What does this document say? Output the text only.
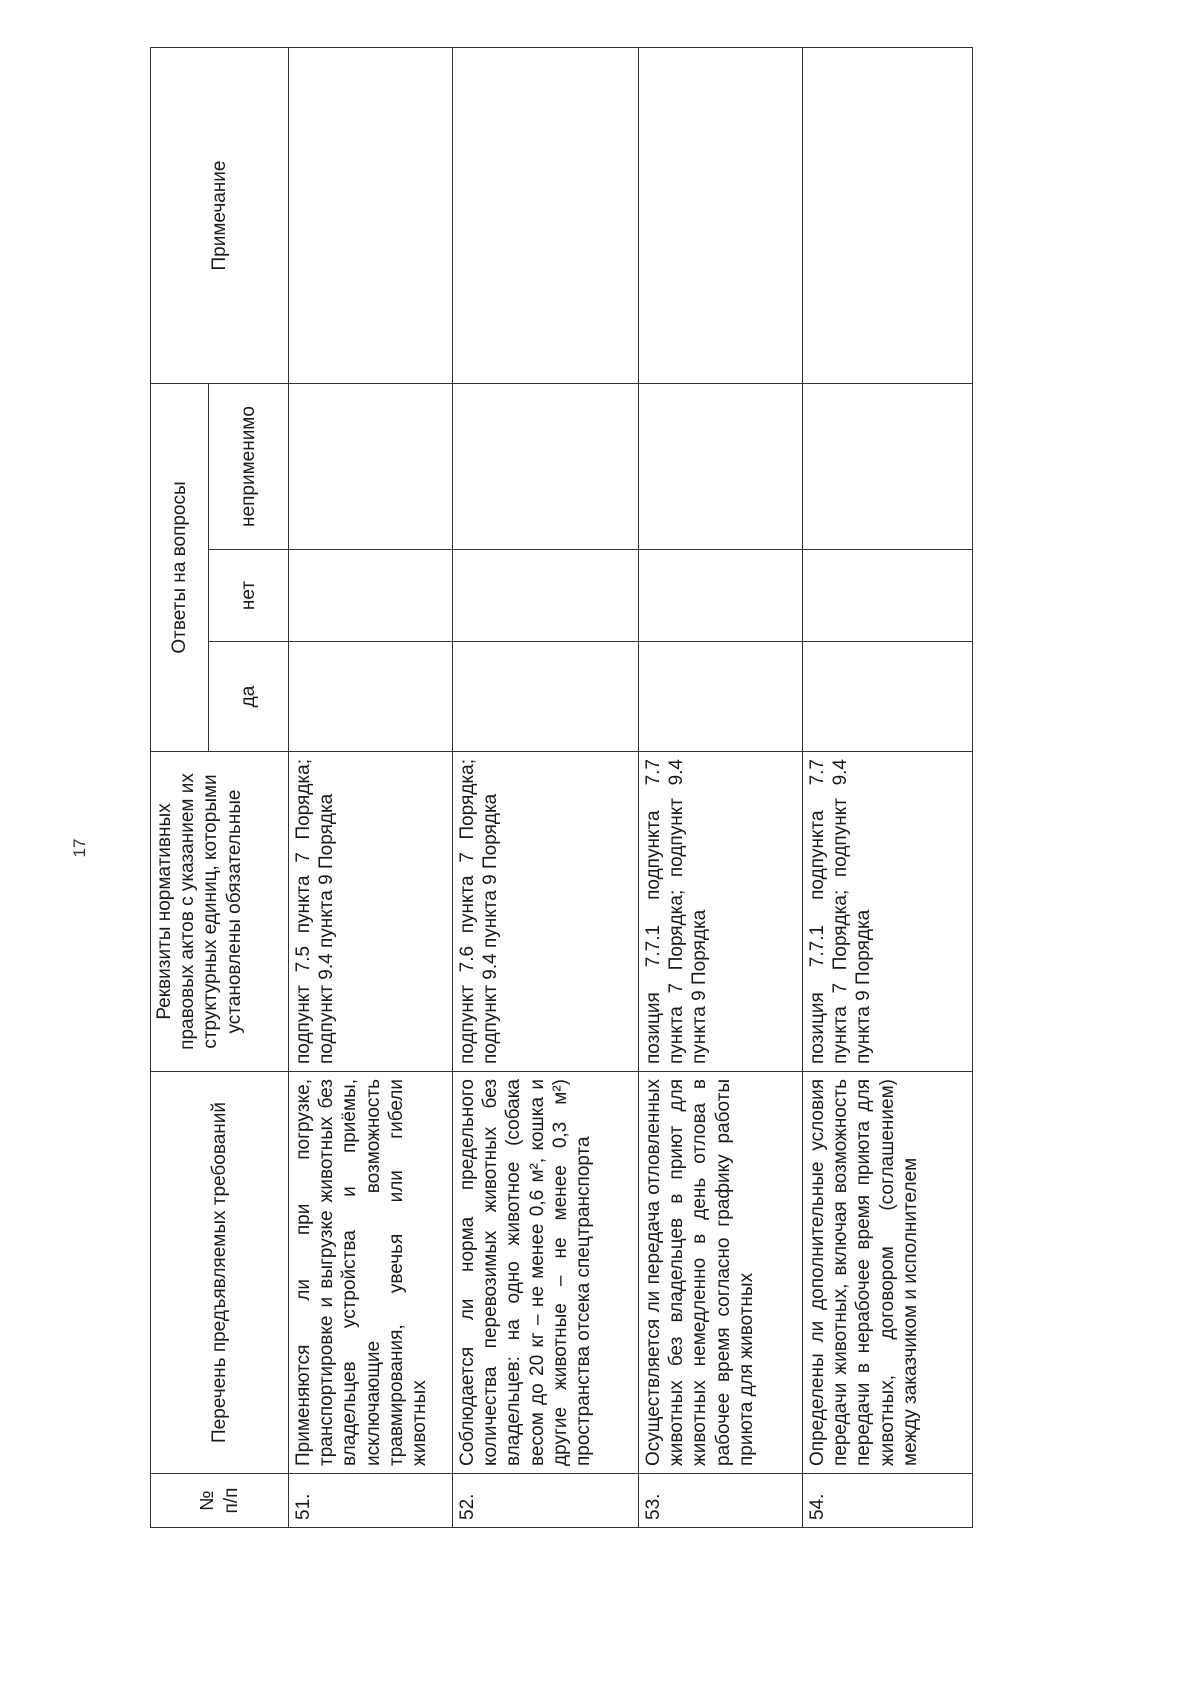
17
№ п/п	Перечень предъявляемых требований	Реквизиты нормативных правовых актов с указанием их структурных единиц, которыми установлены обязательные	Ответы на вопросы			Примечание
			да	нет	неприменимо	
51.	Применяются ли при погрузке, транспортировке и выгрузке животных без владельцев устройства и приёмы, исключающие возможность травмирования, увечья или гибели животных	подпункт 7.5 пункта 7 Порядка; подпункт 9.4 пункта 9 Порядка				
52.	Соблюдается ли норма предельного количества перевозимых животных без владельцев: на одно животное (собака весом до 20 кг – не менее 0,6 м², кошка и другие животные – не менее 0,3 м²) пространства отсека спецтранспорта	подпункт 7.6 пункта 7 Порядка; подпункт 9.4 пункта 9 Порядка				
53.	Осуществляется ли передача отловленных животных без владельцев в приют для животных немедленно в день отлова в рабочее время согласно графику работы приюта для животных	позиция 7.7.1 подпункта 7.7 пункта 7 Порядка; подпункт 9.4 пункта 9 Порядка				
54.	Определены ли дополнительные условия передачи животных, включая возможность передачи в нерабочее время приюта для животных, договором (соглашением) между заказчиком и исполнителем	позиция 7.7.1 подпункта 7.7 пункта 7 Порядка; подпункт 9.4 пункта 9 Порядка				
